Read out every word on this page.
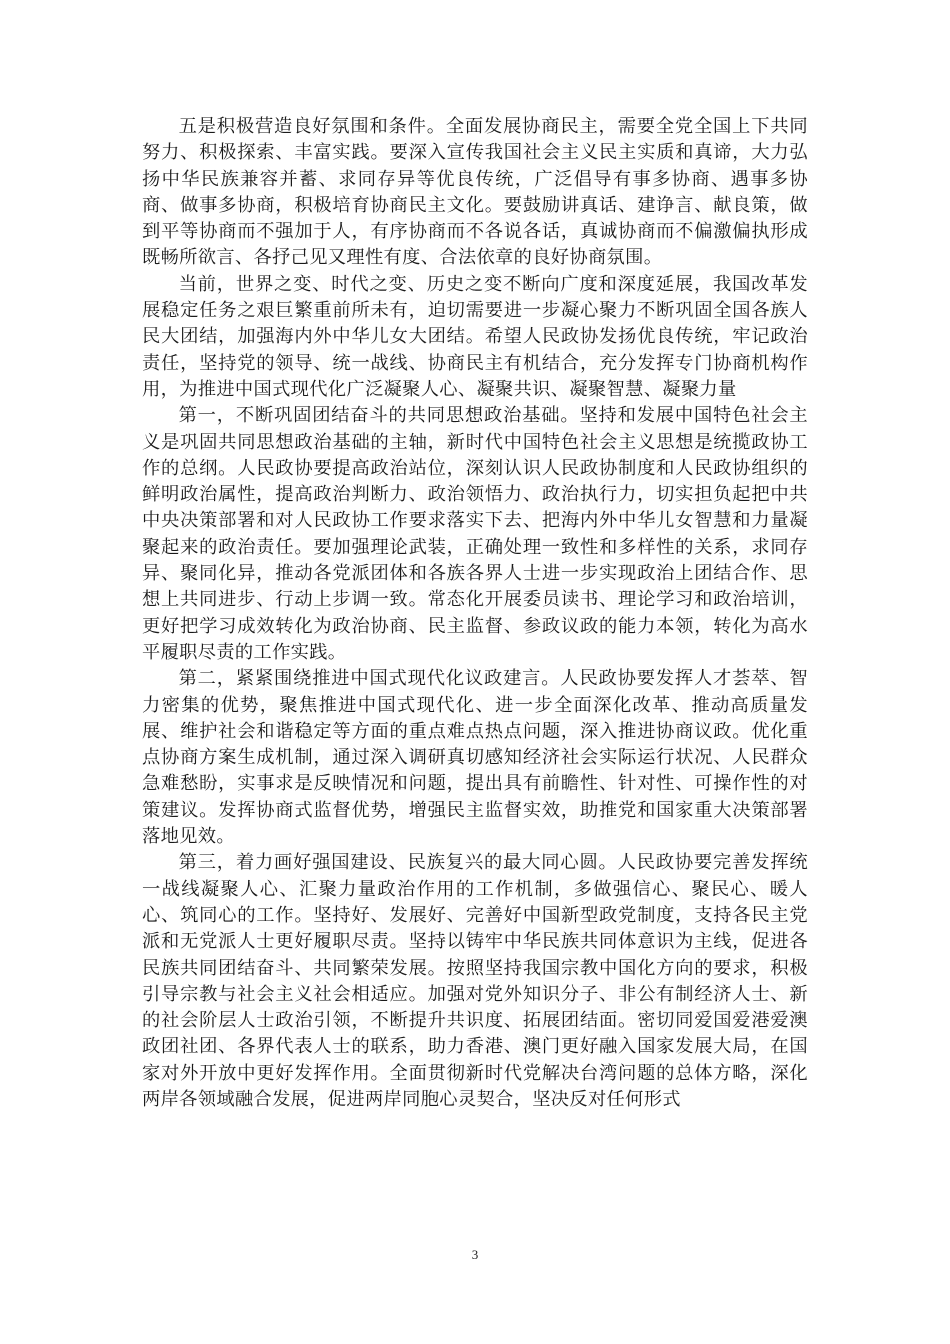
五是积极营造良好氛围和条件。全面发展协商民主，需要全党全国上下共同努力、积极探索、丰富实践。要深入宣传我国社会主义民主实质和真谛，大力弘扬中华民族兼容并蓄、求同存异等优良传统，广泛倡导有事多协商、遇事多协商、做事多协商，积极培育协商民主文化。要鼓励讲真话、建诤言、献良策，做到平等协商而不强加于人，有序协商而不各说各话，真诚协商而不偏激偏执形成既畅所欲言、各抒己见又理性有度、合法依章的良好协商氛围。

当前，世界之变、时代之变、历史之变不断向广度和深度延展，我国改革发展稳定任务之艰巨繁重前所未有，迫切需要进一步凝心聚力不断巩固全国各族人民大团结，加强海内外中华儿女大团结。希望人民政协发扬优良传统，牢记政治责任，坚持党的领导、统一战线、协商民主有机结合，充分发挥专门协商机构作用，为推进中国式现代化广泛凝聚人心、凝聚共识、凝聚智慧、凝聚力量

第一，不断巩固团结奋斗的共同思想政治基础。坚持和发展中国特色社会主义是巩固共同思想政治基础的主轴，新时代中国特色社会主义思想是统揽政协工作的总纲。人民政协要提高政治站位，深刻认识人民政协制度和人民政协组织的鲜明政治属性，提高政治判断力、政治领悟力、政治执行力，切实担负起把中共中央决策部署和对人民政协工作要求落实下去、把海内外中华儿女智慧和力量凝聚起来的政治责任。要加强理论武装，正确处理一致性和多样性的关系，求同存异、聚同化异，推动各党派团体和各族各界人士进一步实现政治上团结合作、思想上共同进步、行动上步调一致。常态化开展委员读书、理论学习和政治培训，更好把学习成效转化为政治协商、民主监督、参政议政的能力本领，转化为高水平履职尽责的工作实践。

第二，紧紧围绕推进中国式现代化议政建言。人民政协要发挥人才荟萃、智力密集的优势，聚焦推进中国式现代化、进一步全面深化改革、推动高质量发展、维护社会和谐稳定等方面的重点难点热点问题，深入推进协商议政。优化重点协商方案生成机制，通过深入调研真切感知经济社会实际运行状况、人民群众急难愁盼，实事求是反映情况和问题，提出具有前瞻性、针对性、可操作性的对策建议。发挥协商式监督优势，增强民主监督实效，助推党和国家重大决策部署落地见效。

第三，着力画好强国建设、民族复兴的最大同心圆。人民政协要完善发挥统一战线凝聚人心、汇聚力量政治作用的工作机制，多做强信心、聚民心、暖人心、筑同心的工作。坚持好、发展好、完善好中国新型政党制度，支持各民主党派和无党派人士更好履职尽责。坚持以铸牢中华民族共同体意识为主线，促进各民族共同团结奋斗、共同繁荣发展。按照坚持我国宗教中国化方向的要求，积极引导宗教与社会主义社会相适应。加强对党外知识分子、非公有制经济人士、新的社会阶层人士政治引领，不断提升共识度、拓展团结面。密切同爱国爱港爱澳政团社团、各界代表人士的联系，助力香港、澳门更好融入国家发展大局，在国家对外开放中更好发挥作用。全面贯彻新时代党解决台湾问题的总体方略，深化两岸各领域融合发展，促进两岸同胞心灵契合，坚决反对任何形式

3
